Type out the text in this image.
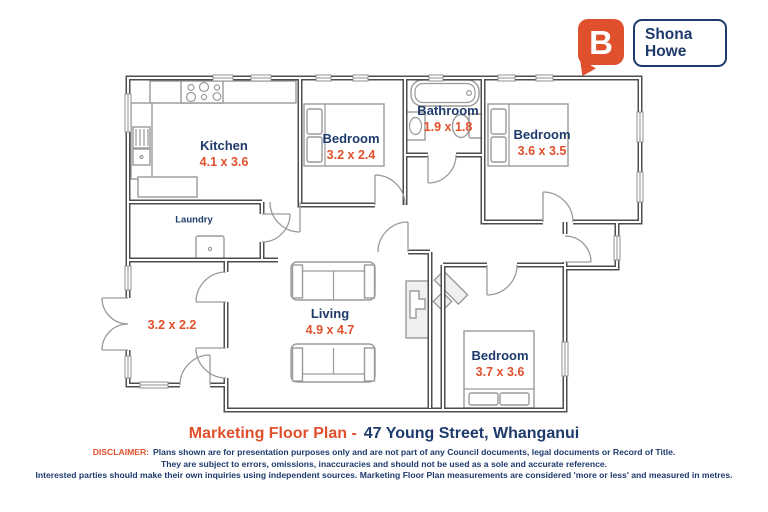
B Shona
Howe
Kitchen
4.1 x 3.6
Bedroom
3.2 x 2.4
Bathroom
1.9 x 1.8	Bedroom
3.6 x 3.5
Laundry
3.2 x 2.2
Living
4.9 x 4.7
Bedroom
3.7 x 3.6
Marketing Floor Plan - 47 Young Street, Whanganui
DISCLAIMER: Plans shown are for presentation purposes only and are not part of any Council documents, legal documents or Record of Title.
They are subject to errors, omissions, inaccuracies and should not be used as a sole and accurate reference.
Interested parties should make their own inquiries using independent sources. Marketing Floor Plan measurements are considered 'more or less' and measured in metres.
